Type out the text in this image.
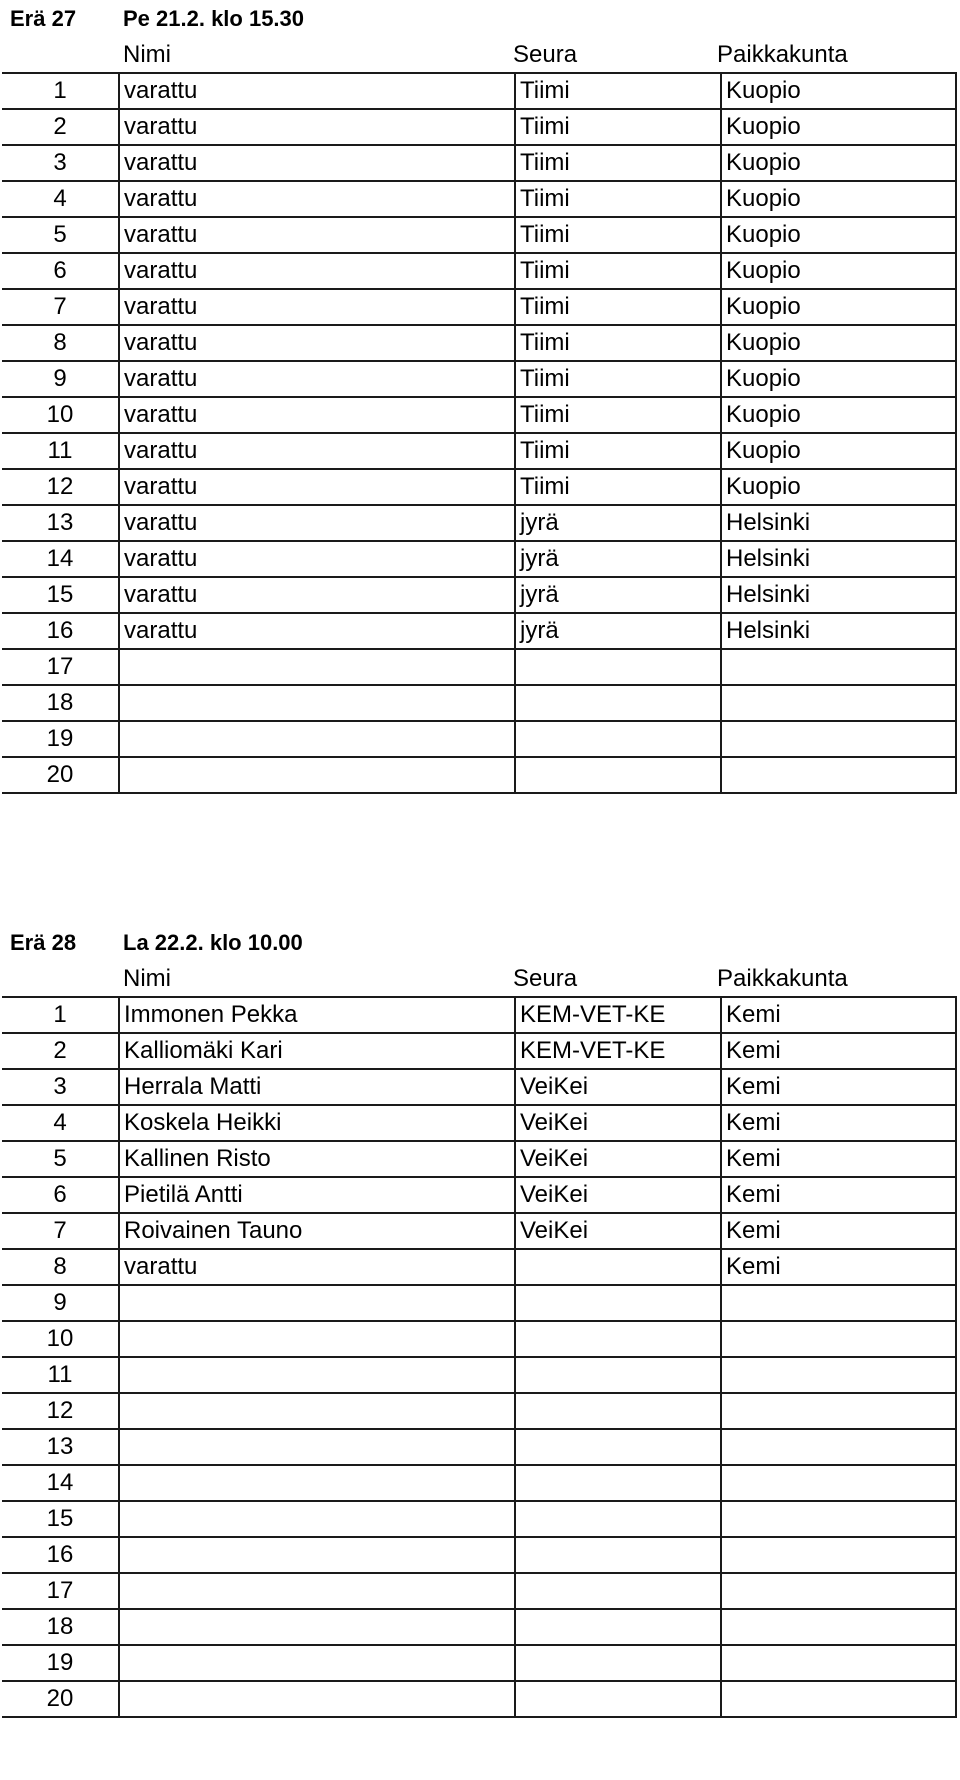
Erä 27 Pe 21.2. klo 15.30
Nimi	Seura	Paikkakunta
1	varattu	Tiimi	Kuopio
2	varattu	Tiimi	Kuopio
3	varattu	Tiimi	Kuopio
4	varattu	Tiimi	Kuopio
5	varattu	Tiimi	Kuopio
6	varattu	Tiimi	Kuopio
7	varattu	Tiimi	Kuopio
8	varattu	Tiimi	Kuopio
9	varattu	Tiimi	Kuopio
10	varattu	Tiimi	Kuopio
11	varattu	Tiimi	Kuopio
12	varattu	Tiimi	Kuopio
13	varattu	jyrä	Helsinki
14	varattu	jyrä	Helsinki
15	varattu	jyrä	Helsinki
16	varattu	jyrä	Helsinki
17			
18			
19			
20			
Erä 28 La 22.2. klo 10.00
Nimi	Seura	Paikkakunta
1	Immonen Pekka	KEM-VET-KE	Kemi
2	Kalliomäki Kari	KEM-VET-KE	Kemi
3	Herrala Matti	VeiKei	Kemi
4	Koskela Heikki	VeiKei	Kemi
5	Kallinen Risto	VeiKei	Kemi
6	Pietilä Antti	VeiKei	Kemi
7	Roivainen Tauno	VeiKei	Kemi
8	varattu		Kemi
9			
10			
11			
12			
13			
14			
15			
16			
17			
18			
19			
20			
